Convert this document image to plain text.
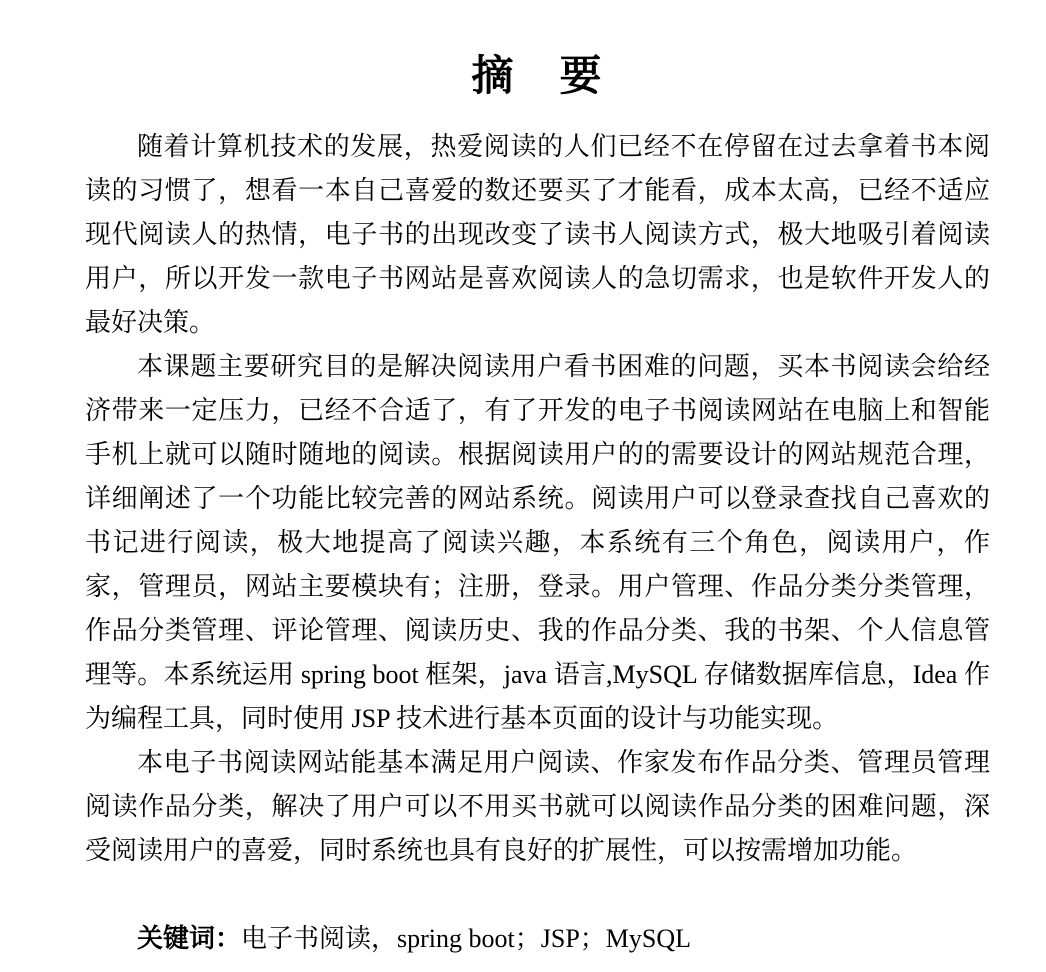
摘　要

随着计算机技术的发展，热爱阅读的人们已经不在停留在过去拿着书本阅读的习惯了，想看一本自己喜爱的数还要买了才能看，成本太高，已经不适应现代阅读人的热情，电子书的出现改变了读书人阅读方式，极大地吸引着阅读用户，所以开发一款电子书网站是喜欢阅读人的急切需求，也是软件开发人的最好决策。

本课题主要研究目的是解决阅读用户看书困难的问题，买本书阅读会给经济带来一定压力，已经不合适了，有了开发的电子书阅读网站在电脑上和智能手机上就可以随时随地的阅读。根据阅读用户的的需要设计的网站规范合理，详细阐述了一个功能比较完善的网站系统。阅读用户可以登录查找自己喜欢的书记进行阅读，极大地提高了阅读兴趣，本系统有三个角色，阅读用户，作家，管理员，网站主要模块有；注册，登录。用户管理、作品分类分类管理，作品分类管理、评论管理、阅读历史、我的作品分类、我的书架、个人信息管理等。本系统运用 spring boot 框架，java 语言,MySQL 存储数据库信息，Idea 作为编程工具，同时使用 JSP 技术进行基本页面的设计与功能实现。

本电子书阅读网站能基本满足用户阅读、作家发布作品分类、管理员管理阅读作品分类，解决了用户可以不用买书就可以阅读作品分类的困难问题，深受阅读用户的喜爱，同时系统也具有良好的扩展性，可以按需增加功能。

关键词：电子书阅读，spring boot；JSP；MySQL
